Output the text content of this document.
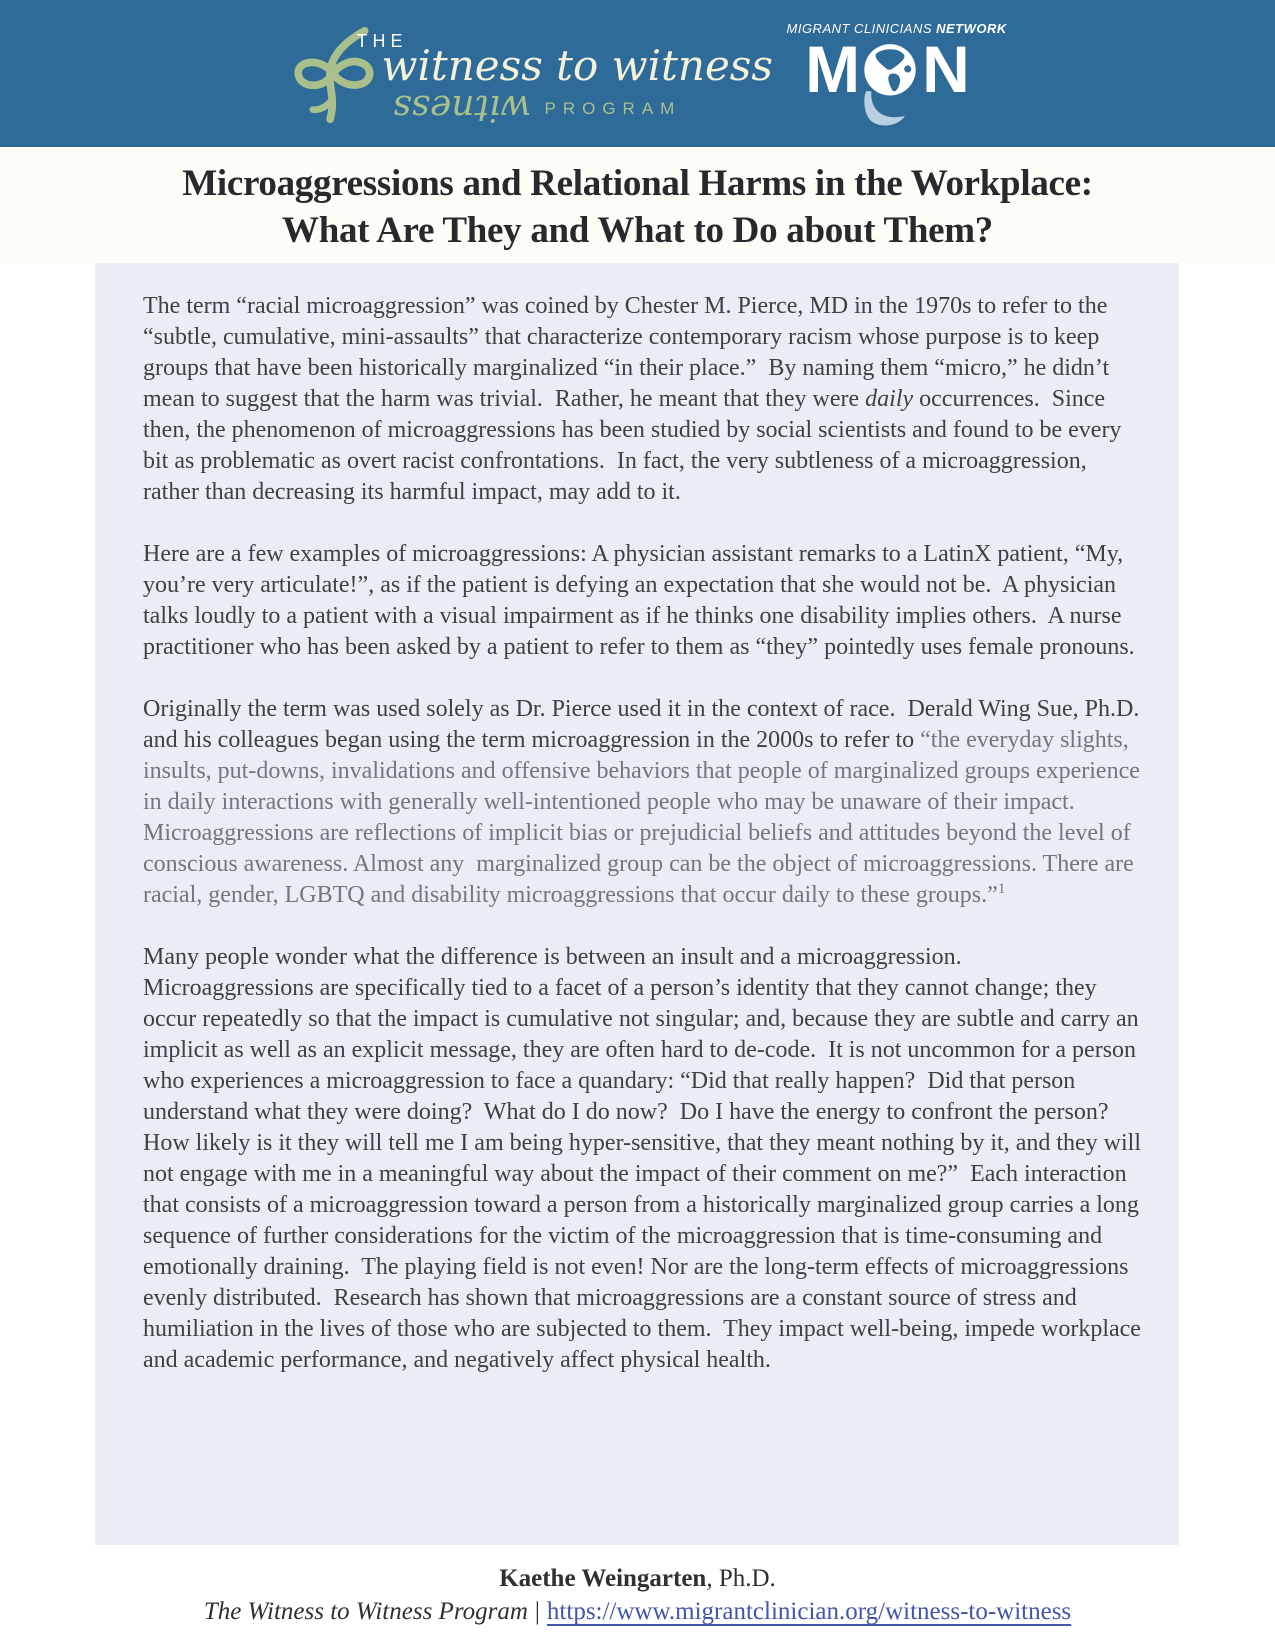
THE
witness to witness
witness PROGRAM
MIGRANT CLINICIANS NETWORK
M N
Microaggressions and Relational Harms in the Workplace:
What Are They and What to Do about Them?

The term “racial microaggression” was coined by Chester M. Pierce, MD in the 1970s to refer to the “subtle, cumulative, mini-assaults” that characterize contemporary racism whose purpose is to keep groups that have been historically marginalized “in their place.”  By naming them “micro,” he didn’t mean to suggest that the harm was trivial.  Rather, he meant that they were daily occurrences.  Since then, the phenomenon of microaggressions has been studied by social scientists and found to be every bit as problematic as overt racist confrontations.  In fact, the very subtleness of a microaggression, rather than decreasing its harmful impact, may add to it.

Here are a few examples of microaggressions: A physician assistant remarks to a LatinX patient, “My, you’re very articulate!”, as if the patient is defying an expectation that she would not be.  A physician talks loudly to a patient with a visual impairment as if he thinks one disability implies others.  A nurse practitioner who has been asked by a patient to refer to them as “they” pointedly uses female pronouns.

Originally the term was used solely as Dr. Pierce used it in the context of race.  Derald Wing Sue, Ph.D. and his colleagues began using the term microaggression in the 2000s to refer to “the everyday slights, insults, put-downs, invalidations and offensive behaviors that people of marginalized groups experience in daily interactions with generally well-intentioned people who may be unaware of their impact. Microaggressions are reflections of implicit bias or prejudicial beliefs and attitudes beyond the level of conscious awareness. Almost any  marginalized group can be the object of microaggressions. There are racial, gender, LGBTQ and disability microaggressions that occur daily to these groups.”$^1$

Many people wonder what the difference is between an insult and a microaggression.  Microaggressions are specifically tied to a facet of a person’s identity that they cannot change; they occur repeatedly so that the impact is cumulative not singular; and, because they are subtle and carry an implicit as well as an explicit message, they are often hard to de-code.  It is not uncommon for a person who experiences a microaggression to face a quandary: “Did that really happen?  Did that person understand what they were doing?  What do I do now?  Do I have the energy to confront the person?  How likely is it they will tell me I am being hyper-sensitive, that they meant nothing by it, and they will not engage with me in a meaningful way about the impact of their comment on me?”  Each interaction that consists of a microaggression toward a person from a historically marginalized group carries a long sequence of further considerations for the victim of the microaggression that is time-consuming and emotionally draining.  The playing field is not even! Nor are the long-term effects of microaggressions evenly distributed.  Research has shown that microaggressions are a constant source of stress and humiliation in the lives of those who are subjected to them.  They impact well-being, impede workplace and academic performance, and negatively affect physical health.

Kaethe Weingarten, Ph.D.
The Witness to Witness Program | https://www.migrantclinician.org/witness-to-witness
